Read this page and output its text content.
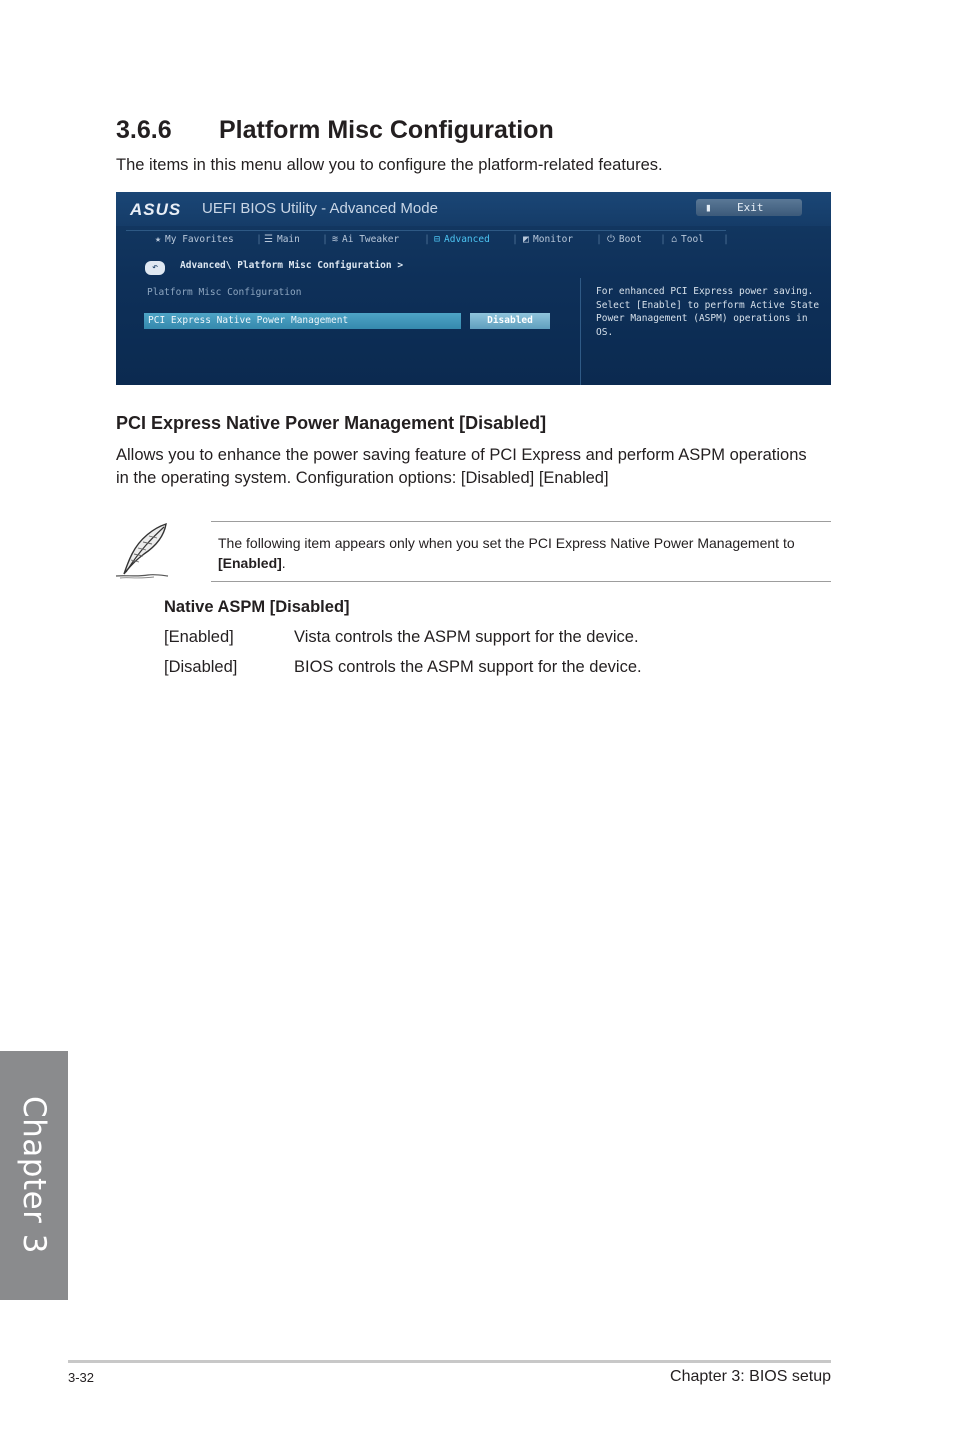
3.6.6 Platform Misc Configuration
The items in this menu allow you to configure the platform-related features.
ASUS UEFI BIOS Utility - Advanced Mode	▮ Exit
★ My Favorites | ☰ Main | ≋ Ai Tweaker | ⊟ Advanced | ◩ Monitor | ⏻ Boot | ⌂ Tool |
↶	Advanced\ Platform Misc Configuration >
Platform Misc Configuration
PCI Express Native Power Management	Disabled
For enhanced PCI Express power saving. Select [Enable] to perform Active State Power Management (ASPM) operations in OS.
PCI Express Native Power Management [Disabled]
Allows you to enhance the power saving feature of PCI Express and perform ASPM operations in the operating system. Configuration options: [Disabled] [Enabled]
The following item appears only when you set the PCI Express Native Power Management to [Enabled].
Native ASPM [Disabled]
[Enabled]	Vista controls the ASPM support for the device.
[Disabled]	BIOS controls the ASPM support for the device.
Chapter 3
3-32	Chapter 3: BIOS setup
